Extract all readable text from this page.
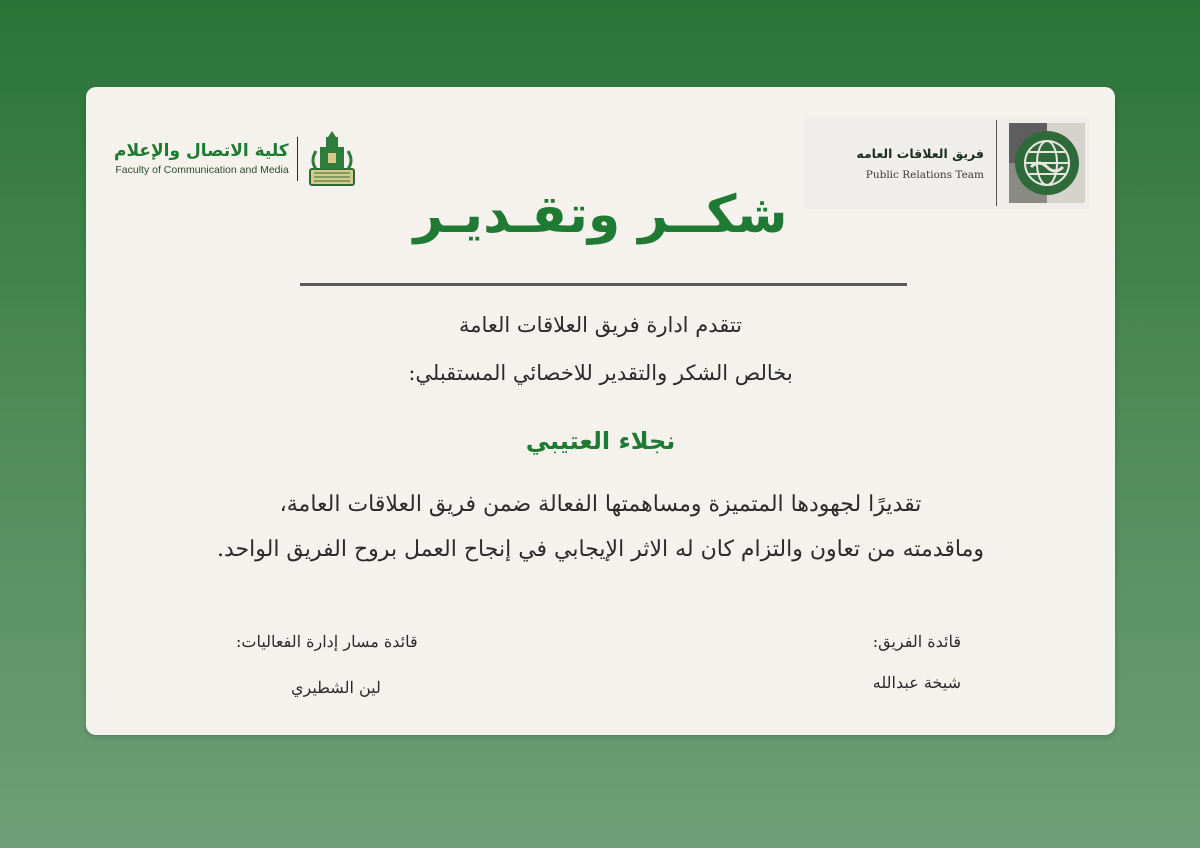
كلية الاتصال والإعلام
Faculty of Communication and Media
فريق العلاقات العامه
Public Relations Team
شكــر وتقـديـر
تتقدم ادارة فريق العلاقات العامة
بخالص الشكر والتقدير للاخصائي المستقبلي:
نجلاء العتيبي
تقديرًا لجهودها المتميزة ومساهمتها الفعالة ضمن فريق العلاقات العامة،
وماقدمته من تعاون والتزام كان له الاثر الإيجابي في إنجاح العمل بروح الفريق الواحد.
قائدة الفريق:
شيخة عبدالله
قائدة مسار إدارة الفعاليات:
لين الشطيري
